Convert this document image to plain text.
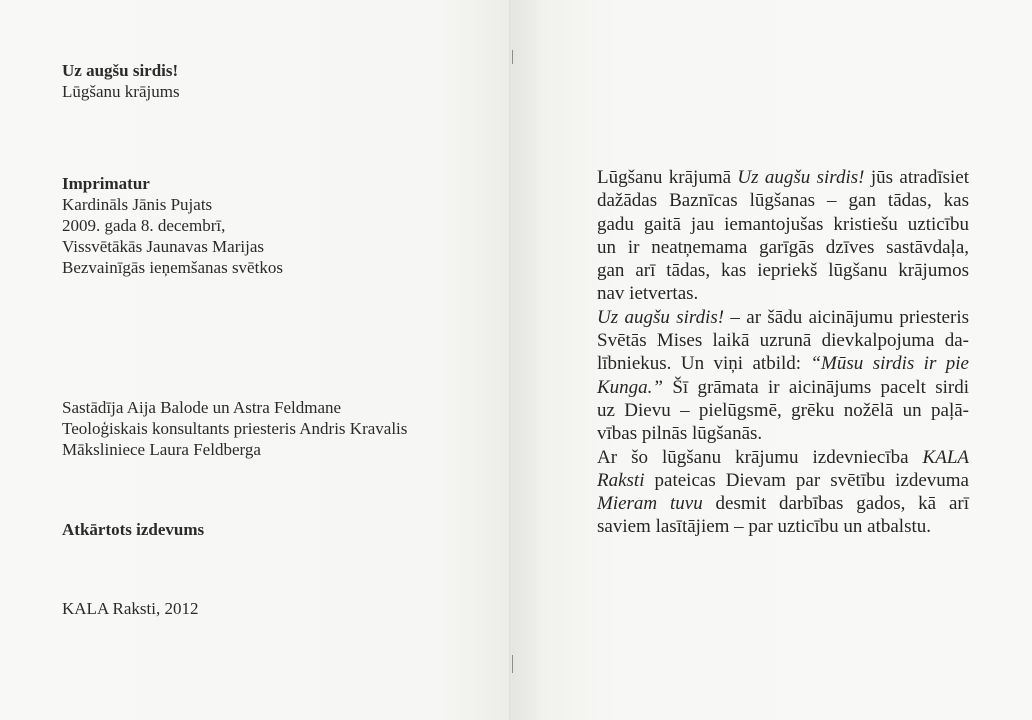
Uz augšu sirdis!
Lūgšanu krājums
Imprimatur
Kardināls Jānis Pujats
2009. gada 8. decembrī,
Vissvētākās Jaunavas Marijas
Bezvainīgās ieņemšanas svētkos
Sastādīja Aija Balode un Astra Feldmane
Teoloģiskais konsultants priesteris Andris Kravalis
Māksliniece Laura Feldberga
Atkārtots izdevums
KALA Raksti, 2012
Lūgšanu krājumā Uz augšu sirdis! jūs atradīsiet
dažādas Baznīcas lūgšanas – gan tādas, kas
gadu gaitā jau iemantojušas kristiešu uzticību
un ir neatņemama garīgās dzīves sastāvdaļa,
gan arī tādas, kas iepriekš lūgšanu krājumos
nav ietvertas.
Uz augšu sirdis! – ar šādu aicinājumu priesteris
Svētās Mises laikā uzrunā dievkalpojuma da-
lībniekus. Un viņi atbild: “Mūsu sirdis ir pie
Kunga.” Šī grāmata ir aicinājums pacelt sirdi
uz Dievu – pielūgsmē, grēku nožēlā un paļā-
vības pilnās lūgšanās.
Ar šo lūgšanu krājumu izdevniecība KALA
Raksti pateicas Dievam par svētību izdevuma
Mieram tuvu desmit darbības gados, kā arī
saviem lasītājiem – par uzticību un atbalstu.
